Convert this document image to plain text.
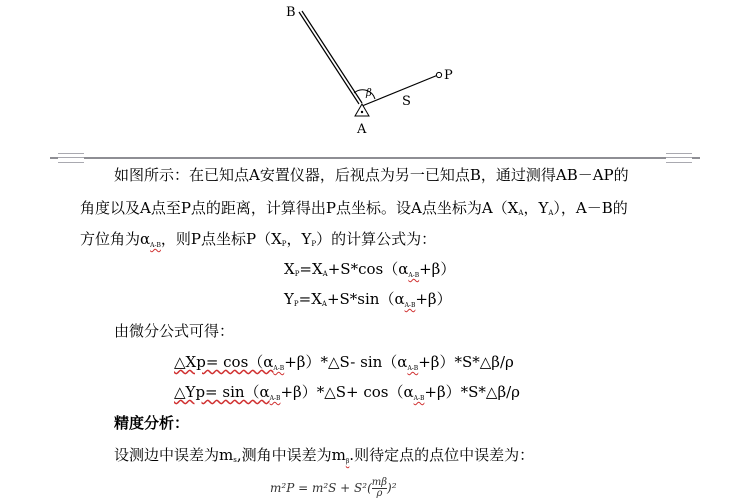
B
A
P
S
β
如图所示：在已知点A安置仪器，后视点为另一已知点B，通过测得AB－AP的
角度以及A点至P点的距离，计算得出P点坐标。设A点坐标为$A(X_A$，$Y_A$），A－B的
方位角为$\alpha_{A-B}$，则P点坐标$P(X_P$，$Y_P$）的计算公式为：
$X_P=X_A+S*\cos(\alpha_{A-B}+\beta)$
$Y_P=X_A+S*\sin(\alpha_{A-B}+\beta)$
由微分公式可得：
△Xp= $\cos(\alpha_{A-B}+\beta)*\triangle S-$ $\sin(\alpha_{A-B}+\beta)*S*\triangle\beta/\rho$
△Yp= $\sin(\alpha_{A-B}+\beta)*\triangle S+$ $\cos(\alpha_{A-B}+\beta)*S*\triangle\beta/\rho$
精度分析：
设测边中误差为$m_s$,测角中误差为$m_\beta$.则待定点的点位中误差为：
$m^2P = m^2S + S^2( \frac{m\beta}{\rho} )^2$
